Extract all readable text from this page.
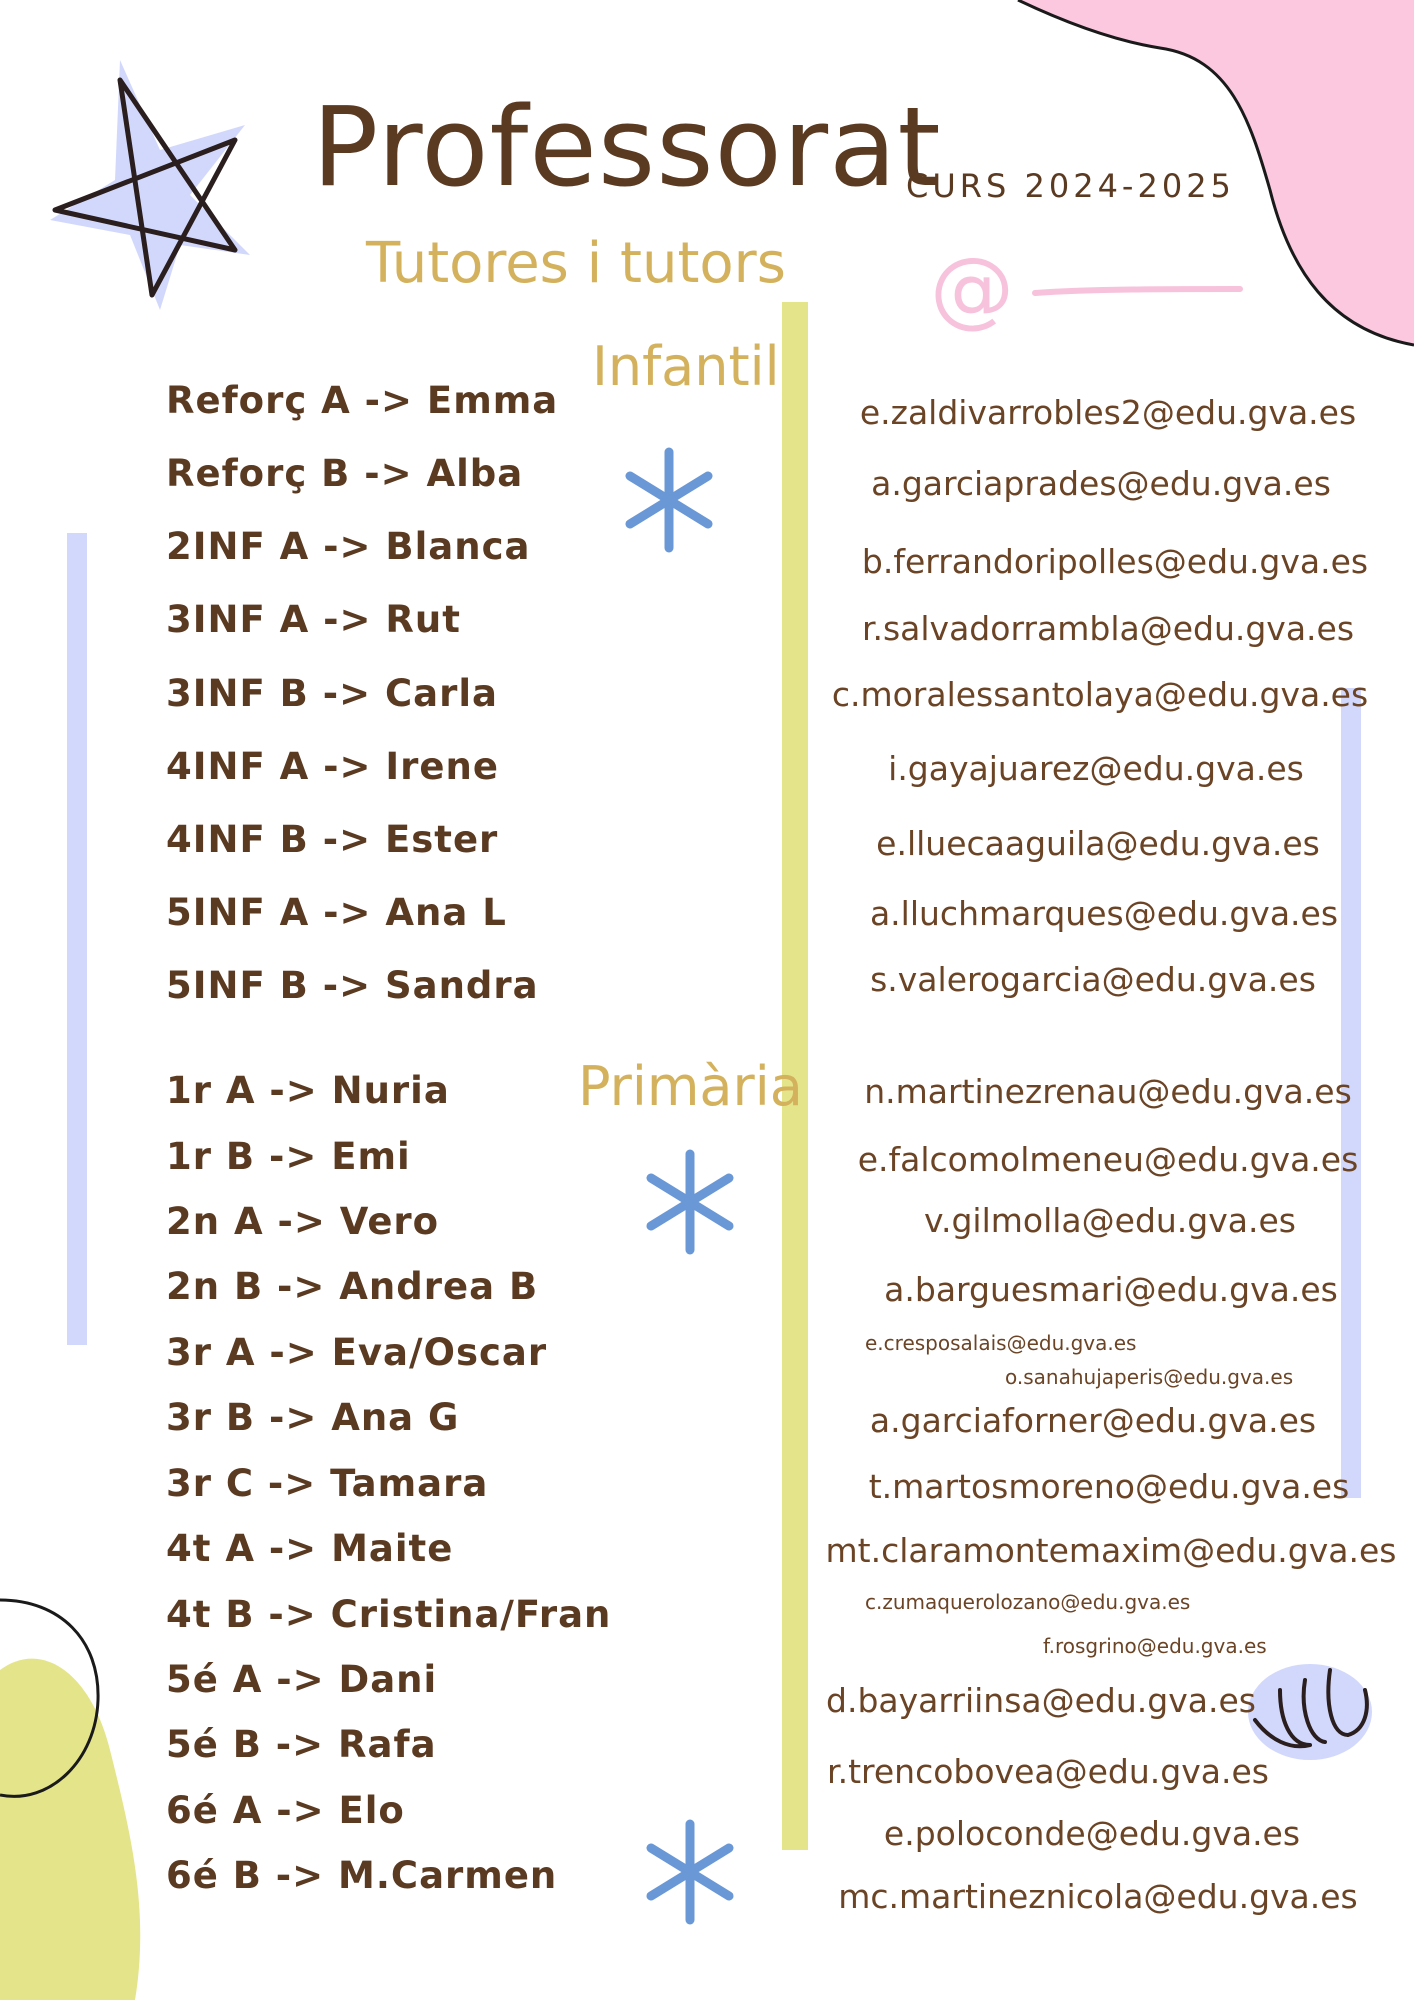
@
Professorat
Tutores i tutors
CURS 2024-2025
Infantil
Primària
Reforç A -> Emma
Reforç B -> Alba
2INF A -> Blanca
3INF A -> Rut
3INF B -> Carla
4INF A -> Irene
4INF B -> Ester
5INF A -> Ana L
5INF B -> Sandra
1r A -> Nuria
1r B -> Emi
2n A -> Vero
2n B -> Andrea B
3r A -> Eva/Oscar
3r B -> Ana G
3r C -> Tamara
4t A -> Maite
4t B -> Cristina/Fran
5é A -> Dani
5é B -> Rafa
6é A -> Elo
6é B -> M.Carmen
e.zaldivarrobles2@edu.gva.es
a.garciaprades@edu.gva.es
b.ferrandoripolles@edu.gva.es
r.salvadorrambla@edu.gva.es
c.moralessantolaya@edu.gva.es
i.gayajuarez@edu.gva.es
e.lluecaaguila@edu.gva.es
a.lluchmarques@edu.gva.es
s.valerogarcia@edu.gva.es
n.martinezrenau@edu.gva.es
e.falcomolmeneu@edu.gva.es
v.gilmolla@edu.gva.es
a.barguesmari@edu.gva.es
e.cresposalais@edu.gva.es
o.sanahujaperis@edu.gva.es
a.garciaforner@edu.gva.es
t.martosmoreno@edu.gva.es
mt.claramontemaxim@edu.gva.es
c.zumaquerolozano@edu.gva.es
f.rosgrino@edu.gva.es
d.bayarriinsa@edu.gva.es
r.trencobovea@edu.gva.es
e.poloconde@edu.gva.es
mc.martineznicola@edu.gva.es
